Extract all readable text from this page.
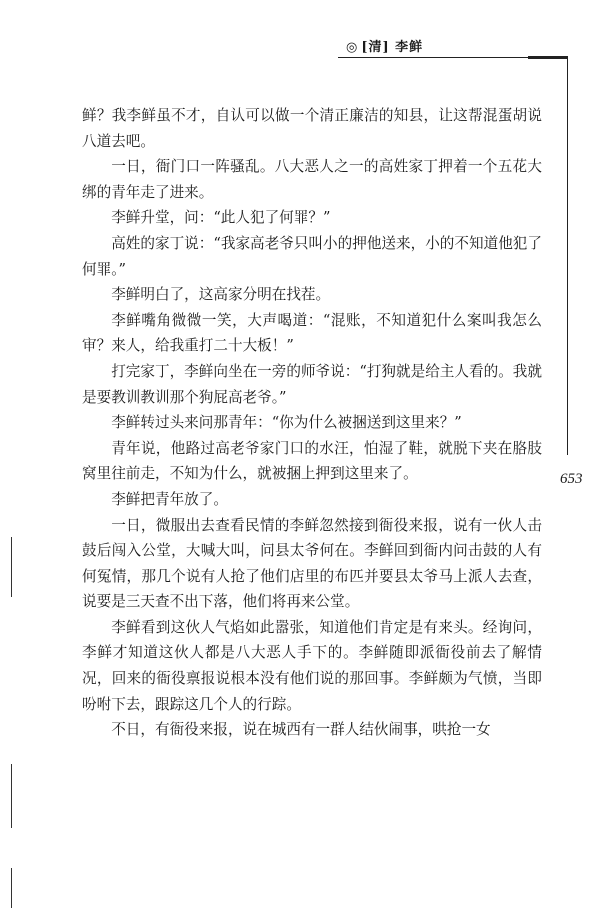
◎ [清] 李鲜
653

鲜？我李鲜虽不才，自认可以做一个清正廉洁的知县，让这帮混蛋胡说八道去吧。

一日，衙门口一阵骚乱。八大恶人之一的高姓家丁押着一个五花大绑的青年走了进来。

李鲜升堂，问：“此人犯了何罪？”

高姓的家丁说：“我家高老爷只叫小的押他送来，小的不知道他犯了何罪。”

李鲜明白了，这高家分明在找茬。

李鲜嘴角微微一笑，大声喝道：“混账，不知道犯什么案叫我怎么审？来人，给我重打二十大板！”

打完家丁，李鲜向坐在一旁的师爷说：“打狗就是给主人看的。我就是要教训教训那个狗屁高老爷。”

李鲜转过头来问那青年：“你为什么被捆送到这里来？”

青年说，他路过高老爷家门口的水汪，怕湿了鞋，就脱下夹在胳肢窝里往前走，不知为什么，就被捆上押到这里来了。

李鲜把青年放了。

一日，微服出去查看民情的李鲜忽然接到衙役来报，说有一伙人击鼓后闯入公堂，大喊大叫，问县太爷何在。李鲜回到衙内问击鼓的人有何冤情，那几个说有人抢了他们店里的布匹并要县太爷马上派人去查，说要是三天查不出下落，他们将再来公堂。

李鲜看到这伙人气焰如此嚣张，知道他们肯定是有来头。经询问，李鲜才知道这伙人都是八大恶人手下的。李鲜随即派衙役前去了解情况，回来的衙役禀报说根本没有他们说的那回事。李鲜颇为气愤，当即吩咐下去，跟踪这几个人的行踪。

不日，有衙役来报，说在城西有一群人结伙闹事，哄抢一女
